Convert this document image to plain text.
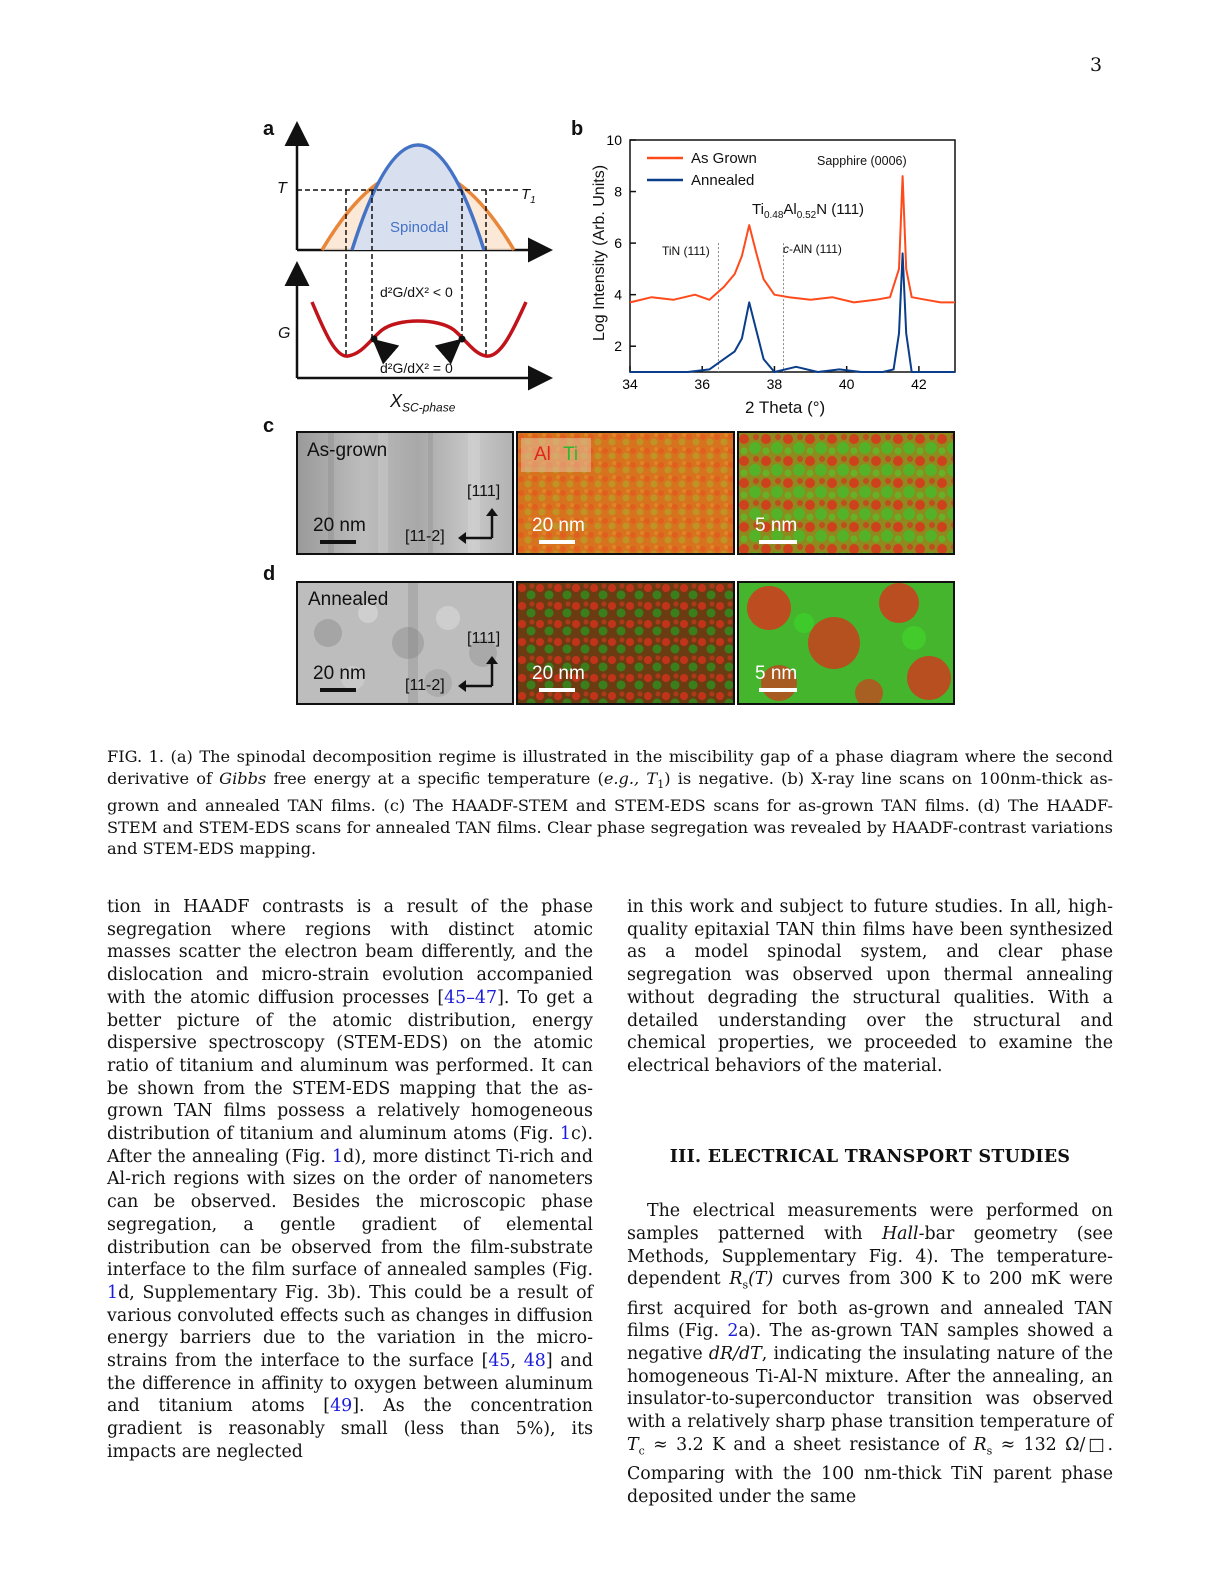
3
a	b
c
d
T	$T_1$
Spinodal
G
d²G/dX² < 0
d²G/dX² = 0
$X_{SC-phase}$
34	36	38	40	42
2
4
6
8
10
As Grown
Annealed
Sapphire (0006)
$Ti_{0.48}Al_{0.52}N$ (111)
TiN (111)	c-AlN (111)
2 Theta (°)
Log Intensity (Arb. Units)
As-grown
[111]
[11-2]
20 nm
Al Ti
20 nm	5 nm
Annealed
[111]
[11-2]
20 nm	20 nm	5 nm
FIG. 1. (a) The spinodal decomposition regime is illustrated in the miscibility gap of a phase diagram where the second derivative of Gibbs free energy at a specific temperature (e.g., $T_1$) is negative. (b) X-ray line scans on 100nm-thick as-grown and annealed TAN films. (c) The HAADF-STEM and STEM-EDS scans for as-grown TAN films. (d) The HAADF-STEM and STEM-EDS scans for annealed TAN films. Clear phase segregation was revealed by HAADF-contrast variations and STEM-EDS mapping.

tion in HAADF contrasts is a result of the phase segregation where regions with distinct atomic masses scatter the electron beam differently, and the dislocation and micro-strain evolution accompanied with the atomic diffusion processes [45–47]. To get a better picture of the atomic distribution, energy dispersive spectroscopy (STEM-EDS) on the atomic ratio of titanium and aluminum was performed. It can be shown from the STEM-EDS mapping that the as-grown TAN films possess a relatively homogeneous distribution of titanium and aluminum atoms (Fig. 1c). After the annealing (Fig. 1d), more distinct Ti-rich and Al-rich regions with sizes on the order of nanometers can be observed. Besides the microscopic phase segregation, a gentle gradient of elemental distribution can be observed from the film-substrate interface to the film surface of annealed samples (Fig. 1d, Supplementary Fig. 3b). This could be a result of various convoluted effects such as changes in diffusion energy barriers due to the variation in the micro-strains from the interface to the surface [45, 48] and the difference in affinity to oxygen between aluminum and titanium atoms [49]. As the concentration gradient is reasonably small (less than 5%), its impacts are neglected

in this work and subject to future studies. In all, high-quality epitaxial TAN thin films have been synthesized as a model spinodal system, and clear phase segregation was observed upon thermal annealing without degrading the structural qualities. With a detailed understanding over the structural and chemical properties, we proceeded to examine the electrical behaviors of the material.

III. ELECTRICAL TRANSPORT STUDIES

The electrical measurements were performed on samples patterned with Hall-bar geometry (see Methods, Supplementary Fig. 4). The temperature-dependent $R_s(T)$ curves from 300 K to 200 mK were first acquired for both as-grown and annealed TAN films (Fig. 2a). The as-grown TAN samples showed a negative dR/dT, indicating the insulating nature of the homogeneous Ti-Al-N mixture. After the annealing, an insulator-to-superconductor transition was observed with a relatively sharp phase transition temperature of $T_c \approx 3.2$ K and a sheet resistance of $R_s \approx 132$ Ω/□. Comparing with the 100 nm-thick TiN parent phase deposited under the same
